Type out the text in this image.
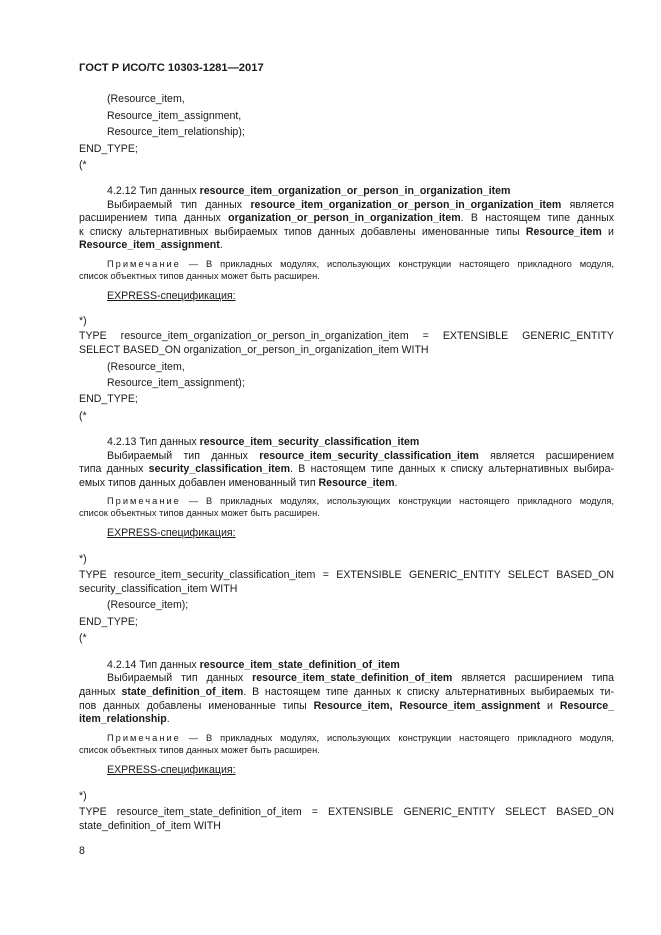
ГОСТ Р ИСО/ТС 10303-1281—2017
(Resource_item,
Resource_item_assignment,
Resource_item_relationship);
END_TYPE;
(*
4.2.12 Тип данных resource_item_organization_or_person_in_organization_item
Выбираемый тип данных resource_item_organization_or_person_in_organization_item является
расширением типа данных organization_or_person_in_organization_item. В настоящем типе данных
к списку альтернативных выбираемых типов данных добавлены именованные типы Resource_item и
Resource_item_assignment.
Примечание — В прикладных модулях, использующих конструкции настоящего прикладного модуля,
список объектных типов данных может быть расширен.
EXPRESS-спецификация:
*)
TYPE resource_item_organization_or_person_in_organization_item = EXTENSIBLE GENERIC_ENTITY
SELECT BASED_ON organization_or_person_in_organization_item WITH
(Resource_item,
Resource_item_assignment);
END_TYPE;
(*
4.2.13 Тип данных resource_item_security_classification_item
Выбираемый тип данных resource_item_security_classification_item является расширением
типа данных security_classification_item. В настоящем типе данных к списку альтернативных выбира-
емых типов данных добавлен именованный тип Resource_item.
Примечание — В прикладных модулях, использующих конструкции настоящего прикладного модуля,
список объектных типов данных может быть расширен.
EXPRESS-спецификация:
*)
TYPE resource_item_security_classification_item = EXTENSIBLE GENERIC_ENTITY SELECT BASED_ON
security_classification_item WITH
(Resource_item);
END_TYPE;
(*
4.2.14 Тип данных resource_item_state_definition_of_item
Выбираемый тип данных resource_item_state_definition_of_item является расширением типа
данных state_definition_of_item. В настоящем типе данных к списку альтернативных выбираемых ти-
пов данных добавлены именованные типы Resource_item, Resource_item_assignment и Resource_
item_relationship.
Примечание — В прикладных модулях, использующих конструкции настоящего прикладного модуля,
список объектных типов данных может быть расширен.
EXPRESS-спецификация:
*)
TYPE resource_item_state_definition_of_item = EXTENSIBLE GENERIC_ENTITY SELECT BASED_ON
state_definition_of_item WITH
8
